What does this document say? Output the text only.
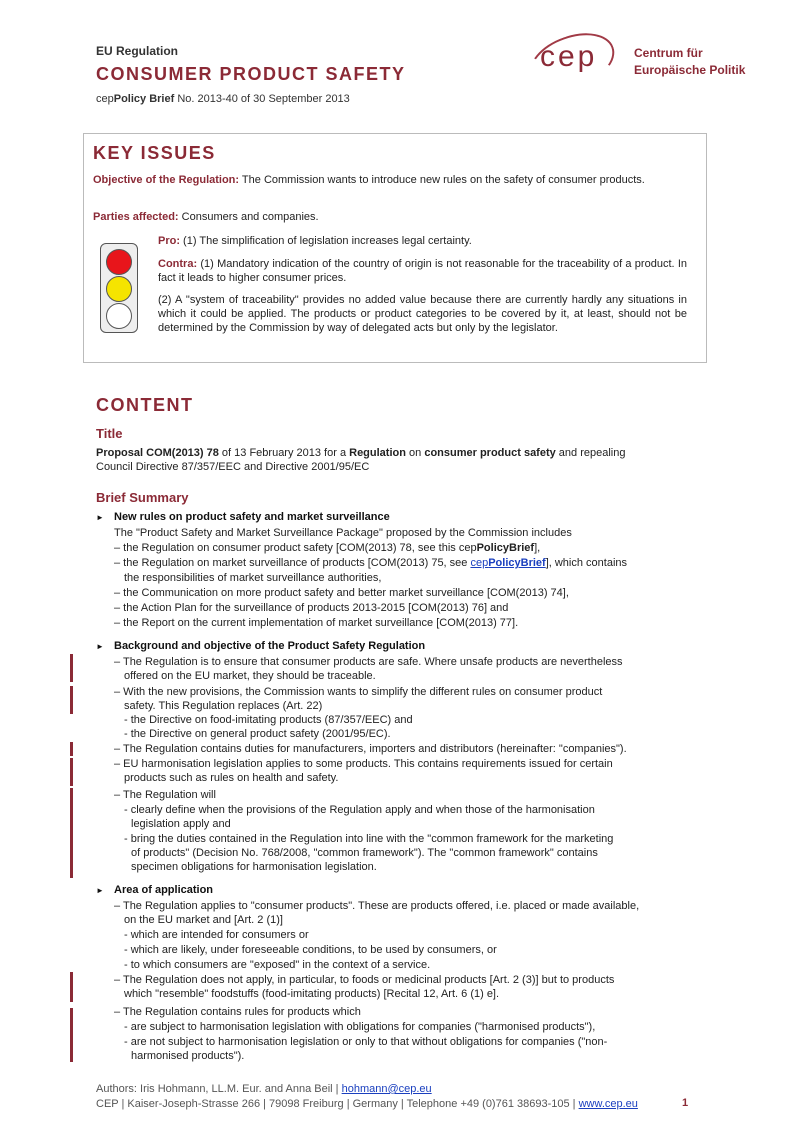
EU Regulation
CONSUMER PRODUCT SAFETY
cepPolicy Brief No. 2013-40 of 30 September 2013
cep	Centrum für
Europäische Politik
KEY ISSUES
Objective of the Regulation: The Commission wants to introduce new rules on the safety of consumer products.
Parties affected: Consumers and companies.
Pro: (1) The simplification of legislation increases legal certainty.
Contra: (1) Mandatory indication of the country of origin is not reasonable for the traceability of a product. In fact it leads to higher consumer prices.
(2) A "system of traceability" provides no added value because there are currently hardly any situations in which it could be applied. The products or product categories to be covered by it, at least, should not be determined by the Commission by way of delegated acts but only by the legislator.
CONTENT
Title
Proposal COM(2013) 78 of 13 February 2013 for a Regulation on consumer product safety and repealing
Council Directive 87/357/EEC and Directive 2001/95/EC
Brief Summary
► New rules on product safety and market surveillance
The "Product Safety and Market Surveillance Package" proposed by the Commission includes
– the Regulation on consumer product safety [COM(2013) 78, see this cepPolicyBrief],
– the Regulation on market surveillance of products [COM(2013) 75, see cepPolicyBrief], which contains
the responsibilities of market surveillance authorities,
– the Communication on more product safety and better market surveillance [COM(2013) 74],
– the Action Plan for the surveillance of products 2013-2015 [COM(2013) 76] and
– the Report on the current implementation of market surveillance [COM(2013) 77].
► Background and objective of the Product Safety Regulation
– The Regulation is to ensure that consumer products are safe. Where unsafe products are nevertheless
offered on the EU market, they should be traceable.
– With the new provisions, the Commission wants to simplify the different rules on consumer product
safety. This Regulation replaces (Art. 22)
- the Directive on food-imitating products (87/357/EEC) and
- the Directive on general product safety (2001/95/EC).
– The Regulation contains duties for manufacturers, importers and distributors (hereinafter: "companies").
– EU harmonisation legislation applies to some products. This contains requirements issued for certain
products such as rules on health and safety.
– The Regulation will
- clearly define when the provisions of the Regulation apply and when those of the harmonisation
legislation apply and
- bring the duties contained in the Regulation into line with the "common framework for the marketing
of products" (Decision No. 768/2008, "common framework"). The "common framework" contains
specimen obligations for harmonisation legislation.
► Area of application
– The Regulation applies to "consumer products". These are products offered, i.e. placed or made available,
on the EU market and [Art. 2 (1)]
- which are intended for consumers or
- which are likely, under foreseeable conditions, to be used by consumers, or
- to which consumers are "exposed" in the context of a service.
– The Regulation does not apply, in particular, to foods or medicinal products [Art. 2 (3)] but to products
which "resemble" foodstuffs (food-imitating products) [Recital 12, Art. 6 (1) e].
– The Regulation contains rules for products which
- are subject to harmonisation legislation with obligations for companies ("harmonised products"),
- are not subject to harmonisation legislation or only to that without obligations for companies ("non-
harmonised products").
Authors: Iris Hohmann, LL.M. Eur. and Anna Beil | hohmann@cep.eu
CEP | Kaiser-Joseph-Strasse 266 | 79098 Freiburg | Germany | Telephone +49 (0)761 38693-105 | www.cep.eu	1
